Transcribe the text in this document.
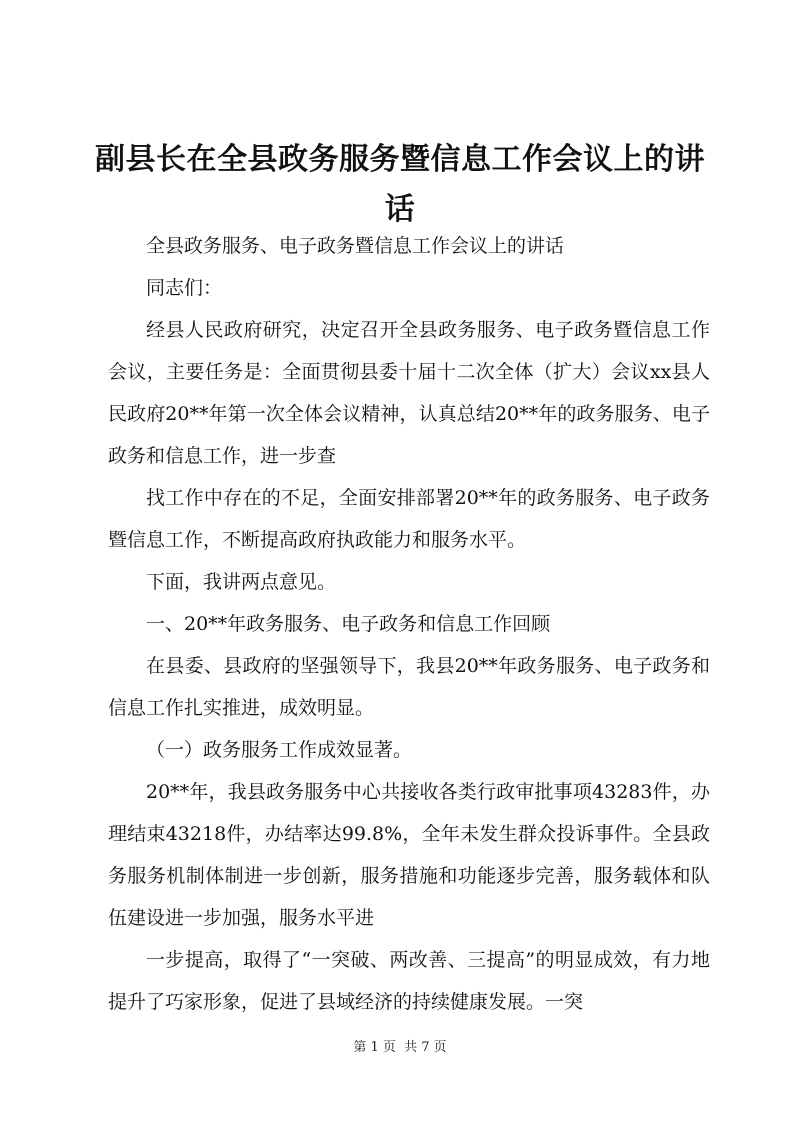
副县长在全县政务服务暨信息工作会议上的讲话

全县政务服务、电子政务暨信息工作会议上的讲话

同志们：

经县人民政府研究，决定召开全县政务服务、电子政务暨信息工作会议，主要任务是：全面贯彻县委十届十二次全体（扩大）会议xx县人民政府20**年第一次全体会议精神，认真总结20**年的政务服务、电子政务和信息工作，进一步查

找工作中存在的不足，全面安排部署20**年的政务服务、电子政务暨信息工作，不断提高政府执政能力和服务水平。

下面，我讲两点意见。

一、20**年政务服务、电子政务和信息工作回顾

在县委、县政府的坚强领导下，我县20**年政务服务、电子政务和信息工作扎实推进，成效明显。

（一）政务服务工作成效显著。

20**年，我县政务服务中心共接收各类行政审批事项43283件，办理结束43218件，办结率达99.8%，全年未发生群众投诉事件。全县政务服务机制体制进一步创新，服务措施和功能逐步完善，服务载体和队伍建设进一步加强，服务水平进

一步提高，取得了“一突破、两改善、三提高”的明显成效，有力地提升了巧家形象，促进了县域经济的持续健康发展。一突

第 1 页  共 7 页
